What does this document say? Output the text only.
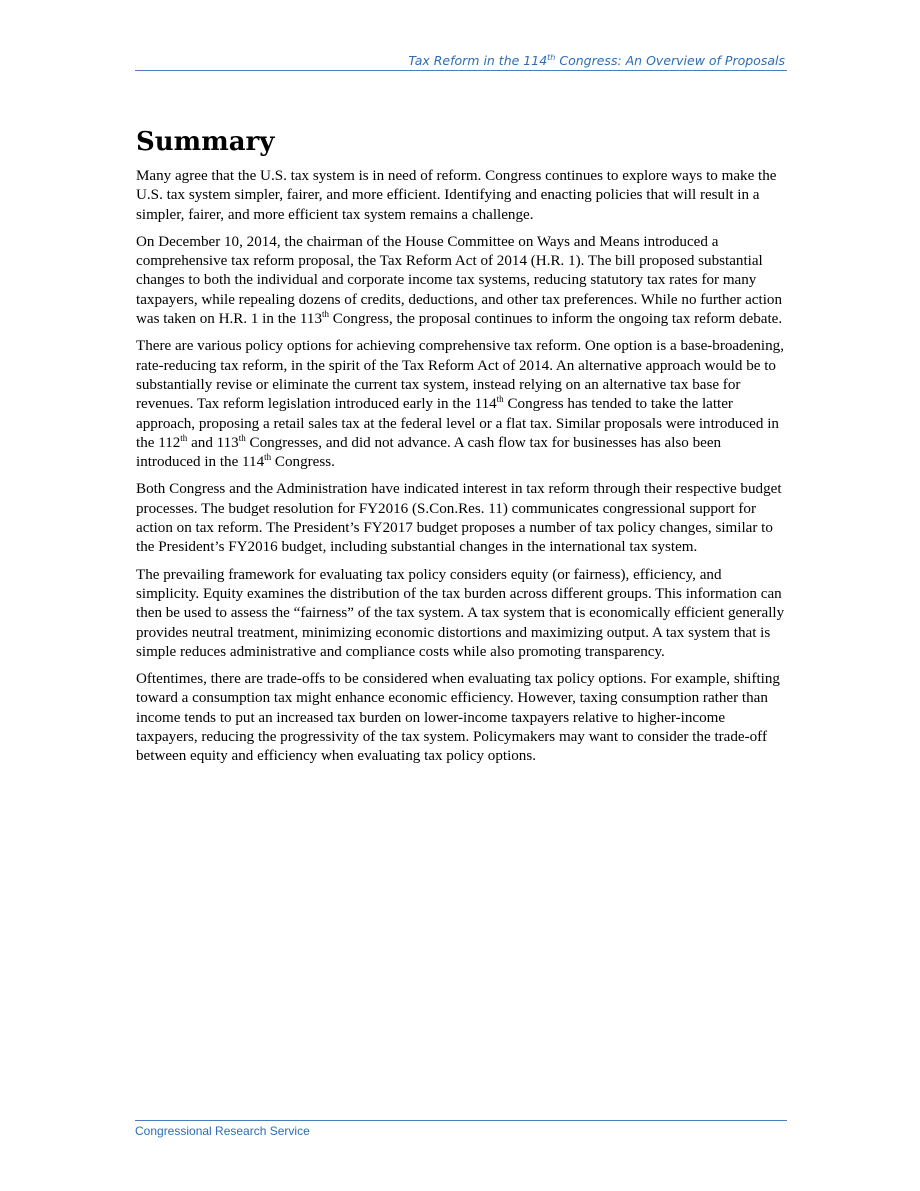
Tax Reform in the 114th Congress: An Overview of Proposals
Summary

Many agree that the U.S. tax system is in need of reform. Congress continues to explore ways to make the U.S. tax system simpler, fairer, and more efficient. Identifying and enacting policies that will result in a simpler, fairer, and more efficient tax system remains a challenge.

On December 10, 2014, the chairman of the House Committee on Ways and Means introduced a comprehensive tax reform proposal, the Tax Reform Act of 2014 (H.R. 1). The bill proposed substantial changes to both the individual and corporate income tax systems, reducing statutory tax rates for many taxpayers, while repealing dozens of credits, deductions, and other tax preferences. While no further action was taken on H.R. 1 in the 113th Congress, the proposal continues to inform the ongoing tax reform debate.

There are various policy options for achieving comprehensive tax reform. One option is a base-broadening, rate-reducing tax reform, in the spirit of the Tax Reform Act of 2014. An alternative approach would be to substantially revise or eliminate the current tax system, instead relying on an alternative tax base for revenues. Tax reform legislation introduced early in the 114th Congress has tended to take the latter approach, proposing a retail sales tax at the federal level or a flat tax. Similar proposals were introduced in the 112th and 113th Congresses, and did not advance. A cash flow tax for businesses has also been introduced in the 114th Congress.

Both Congress and the Administration have indicated interest in tax reform through their respective budget processes. The budget resolution for FY2016 (S.Con.Res. 11) communicates congressional support for action on tax reform. The President’s FY2017 budget proposes a number of tax policy changes, similar to the President’s FY2016 budget, including substantial changes in the international tax system.

The prevailing framework for evaluating tax policy considers equity (or fairness), efficiency, and simplicity. Equity examines the distribution of the tax burden across different groups. This information can then be used to assess the “fairness” of the tax system. A tax system that is economically efficient generally provides neutral treatment, minimizing economic distortions and maximizing output. A tax system that is simple reduces administrative and compliance costs while also promoting transparency.

Oftentimes, there are trade-offs to be considered when evaluating tax policy options. For example, shifting toward a consumption tax might enhance economic efficiency. However, taxing consumption rather than income tends to put an increased tax burden on lower-income taxpayers relative to higher-income taxpayers, reducing the progressivity of the tax system. Policymakers may want to consider the trade-off between equity and efficiency when evaluating tax policy options.

Congressional Research Service
